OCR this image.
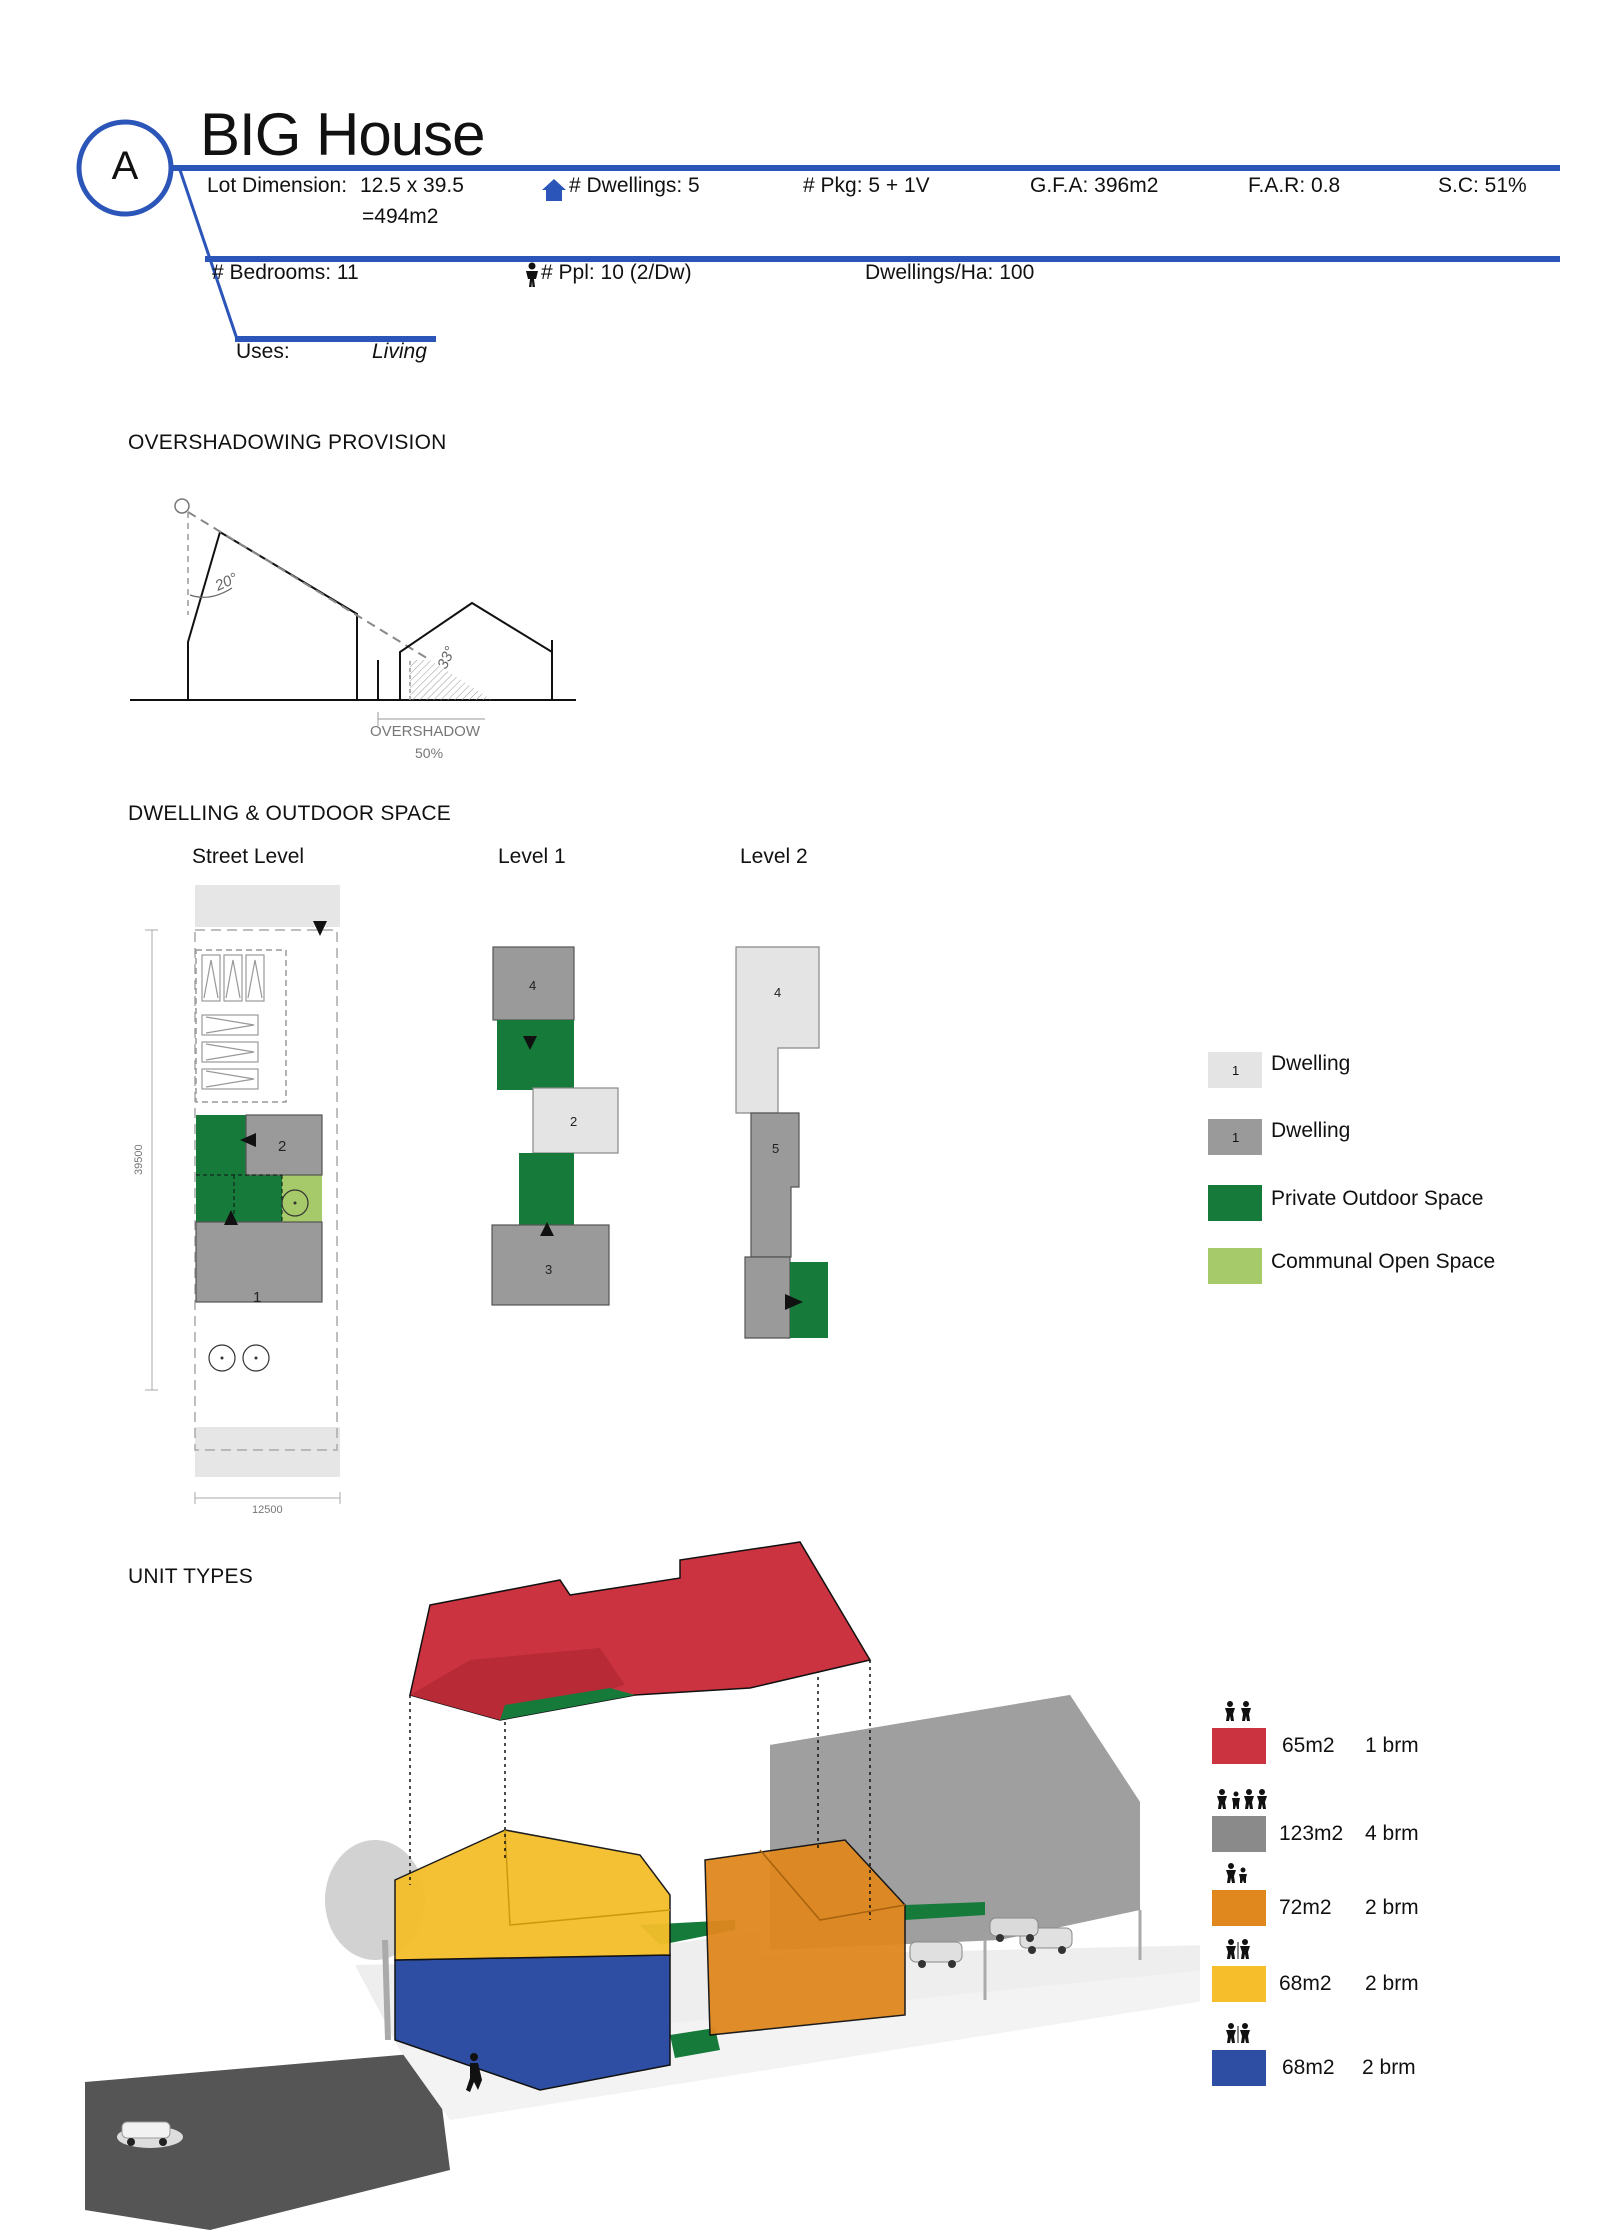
A BIG House
Lot Dimension: 12.5 x 39.5
=494m2
# Dwellings: 5	# Pkg: 5 + 1V	G.F.A: 396m2	F.A.R: 0.8	S.C: 51%
# Bedrooms: 11	# Ppl: 10 (2/Dw)	Dwellings/Ha: 100
Uses:	Living
OVERSHADOWING PROVISION
20°
33°
OVERSHADOW
50%
DWELLING & OUTDOOR SPACE
Street Level	Level 1	Level 2
39500
12500
2
1
4
2
3
4
5
1 Dwelling
1 Dwelling
Private Outdoor Space
Communal Open Space
UNIT TYPES
65m2 1 brm
123m2 4 brm
72m2 2 brm
68m2 2 brm
68m2 2 brm
